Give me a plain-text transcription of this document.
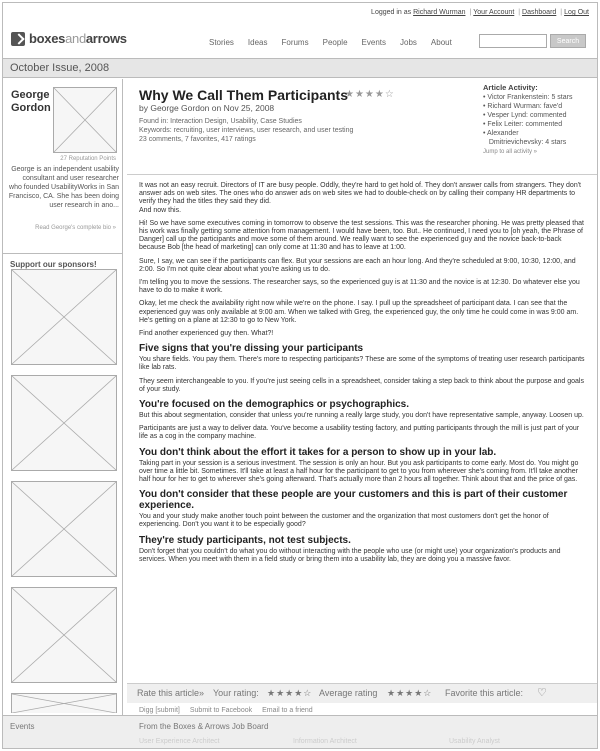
Logged in as Richard Wurman | Your Account | Dashboard | Log Out
boxesandarrows	Stories Ideas Forums People Events Jobs About	Search
October Issue, 2008
George
Gordon
27 Reputation Points
George is an independent usability consultant and user researcher who founded UsabilityWorks in San Francisco, CA. She has been doing user research in ano...
Read George's complete bio »
Support our sponsors!
Why We Call Them Participants
★★★★☆
by George Gordon on Nov 25, 2008
Found in: Interaction Design, Usability, Case Studies
Keywords: recruiting, user interviews, user research, and user testing
23 comments, 7 favorites, 417 ratings
Article Activity:
• Victor Frankenstein: 5 stars
• Richard Wurman: fave'd
• Vesper Lynd: commented
• Felix Leiter: commented
• Alexander
Dmitrievichevsky: 4 stars
Jump to all activity »

It was not an easy recruit. Directors of IT are busy people. Oddly, they're hard to get hold of. They don't answer calls from strangers. They don't answer ads on web sites. The ones who do answer ads on web sites we had to double-check on by calling their company HR departments to verify they had the titles they said they did.
And now this.

Hi! So we have some executives coming in tomorrow to observe the test sessions. This was the researcher phoning. He was pretty pleased that his work was finally getting some attention from management. I would have been, too. But.. He continued, I need you to [oh yeah, the Phrase of Danger] call up the participants and move some of them around. We really want to see the experienced guy and the novice back-to-back because Bob [the head of marketing] can only come at 11:30 and has to leave at 1:00.

Sure, I say, we can see if the participants can flex. But your sessions are each an hour long. And they're scheduled at 9:00, 10:30, 12:00, and 2:00. So I'm not quite clear about what you're asking us to do.

I'm telling you to move the sessions. The researcher says, so the experienced guy is at 11:30 and the novice is at 12:30. Do whatever else you have to do to make it work.

Okay, let me check the availability right now while we're on the phone. I say. I pull up the spreadsheet of participant data. I can see that the experienced guy was only available at 9:00 am. When we talked with Greg, the experienced guy, the only time he could come in was 9:00 am. He's getting on a plane at 12:30 to go to New York.

Find another experienced guy then. What?!

Five signs that you're dissing your participants

You share fields. You pay them. There's more to respecting participants? These are some of the symptoms of treating user research participants like lab rats.

They seem interchangeable to you. If you're just seeing cells in a spreadsheet, consider taking a step back to think about the purpose and goals of your study.

You're focused on the demographics or psychographics.

But this about segmentation, consider that unless you're running a really large study, you don't have representative sample, anyway. Loosen up.

Participants are just a way to deliver data. You've become a usability testing factory, and putting participants through the mill is just part of your life as a cog in the company machine.

You don't think about the effort it takes for a person to show up in your lab.

Taking part in your session is a serious investment. The session is only an hour. But you ask participants to come early. Most do. You might go over time a little bit. Sometimes. It'll take at least a half hour for the participant to get to you from wherever she's coming from. It'll take another half hour for her to get to wherever she's going afterward. That's actually more than 2 hours all together. Think about that and the price of gas.

You don't consider that these people are your customers and this is part of their customer experience.

You and your study make another touch point between the customer and the organization that most customers don't get the honor of experiencing. Don't you want it to be especially good?

They're study participants, not test subjects.

Don't forget that you couldn't do what you do without interacting with the people who use (or might use) your organization's products and services. When you meet with them in a field study or bring them into a usability lab, they are doing you a massive favor.

Rate this article» Your rating: ★★★★☆ Average rating ★★★★☆ Favorite this article: ♡
Digg [submit] Submit to Facebook Email to a friend
Events	From the Boxes & Arrows Job Board
User Experience Architect	Information Architect	Usability Analyst
